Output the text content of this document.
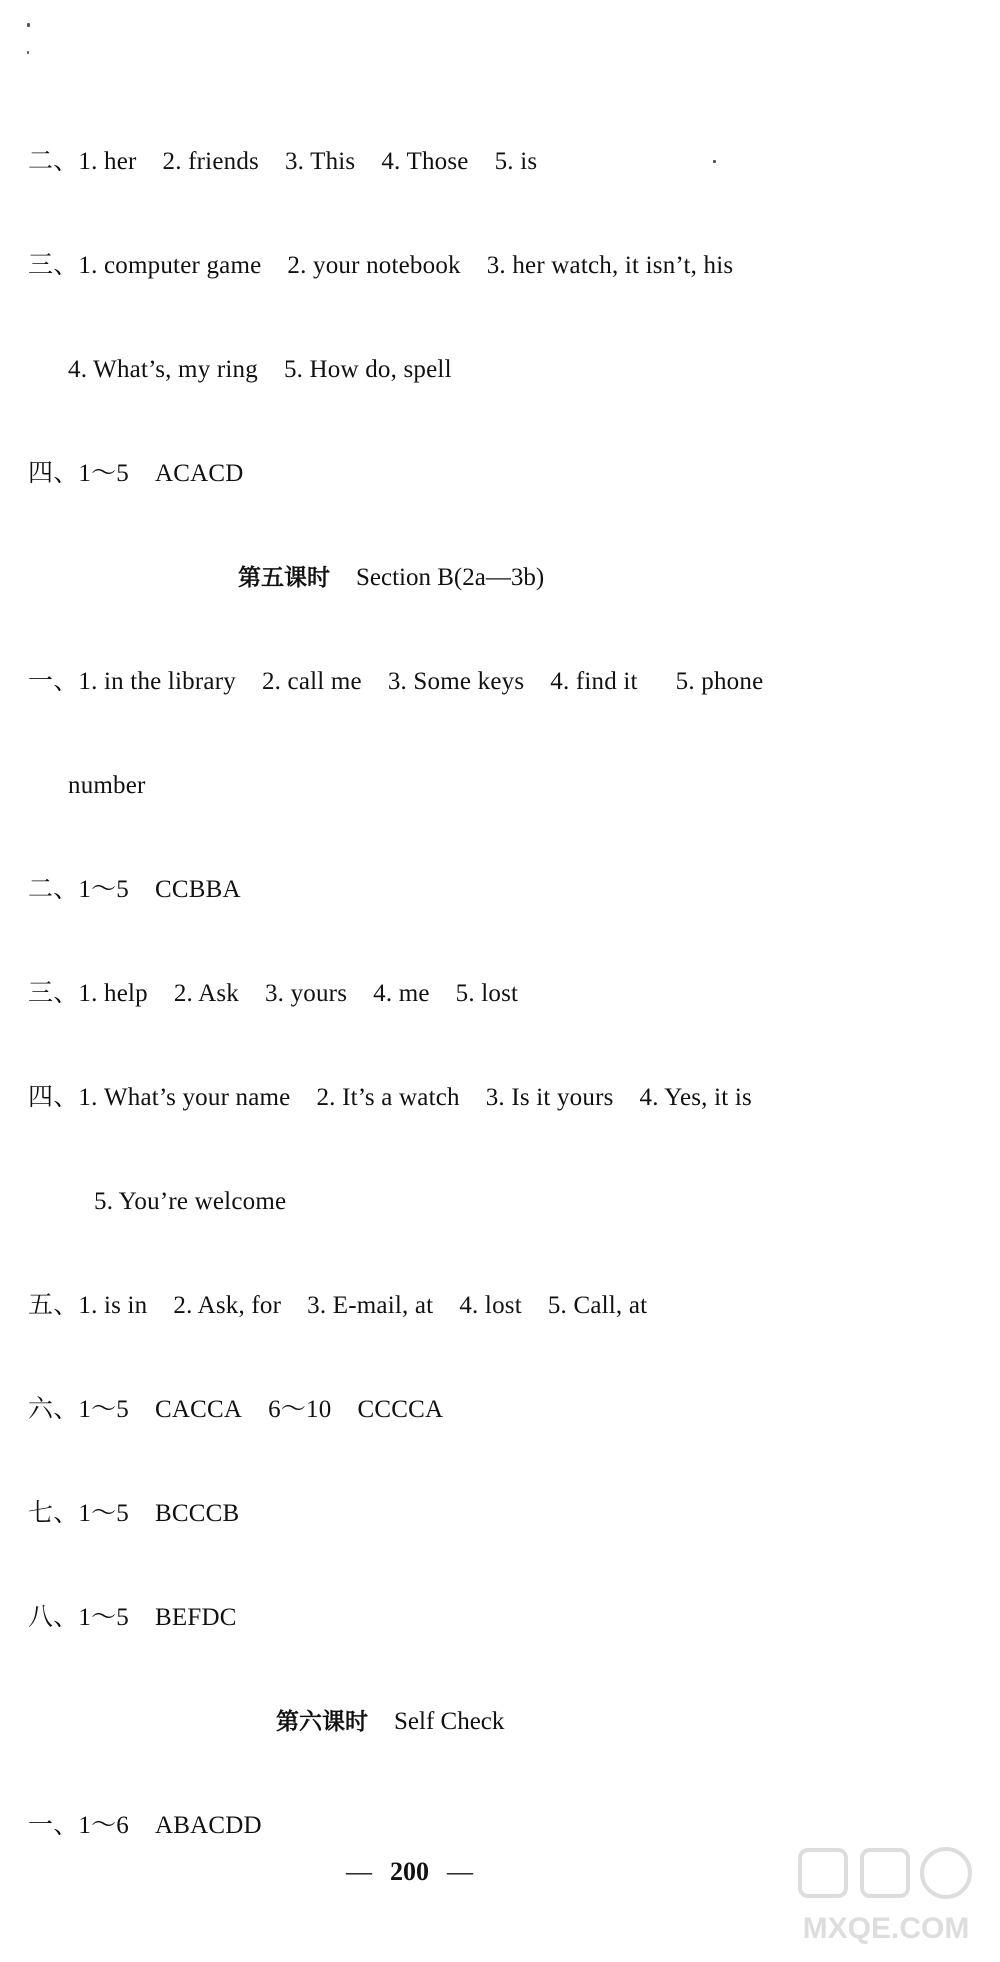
二、1. her 2. friends 3. This 4. Those 5. is
三、1. computer game 2. your notebook 3. her watch, it isn’t, his
4. What’s, my ring 5. How do, spell
四、1～5 ACACD
第五课时 Section B(2a—3b)
一、1. in the library 2. call me 3. Some keys 4. find it 5. phone
number
二、1～5 CCBBA
三、1. help 2. Ask 3. yours 4. me 5. lost
四、1. What’s your name 2. It’s a watch 3. Is it yours 4. Yes, it is
5. You’re welcome
五、1. is in 2. Ask, for 3. E-mail, at 4. lost 5. Call, at
六、1～5 CACCA 6～10 CCCCA
七、1～5 BCCCB
八、1～5 BEFDC
第六课时 Self Check
一、1～6 ABACDD
— 200 —
MXQE.COM
